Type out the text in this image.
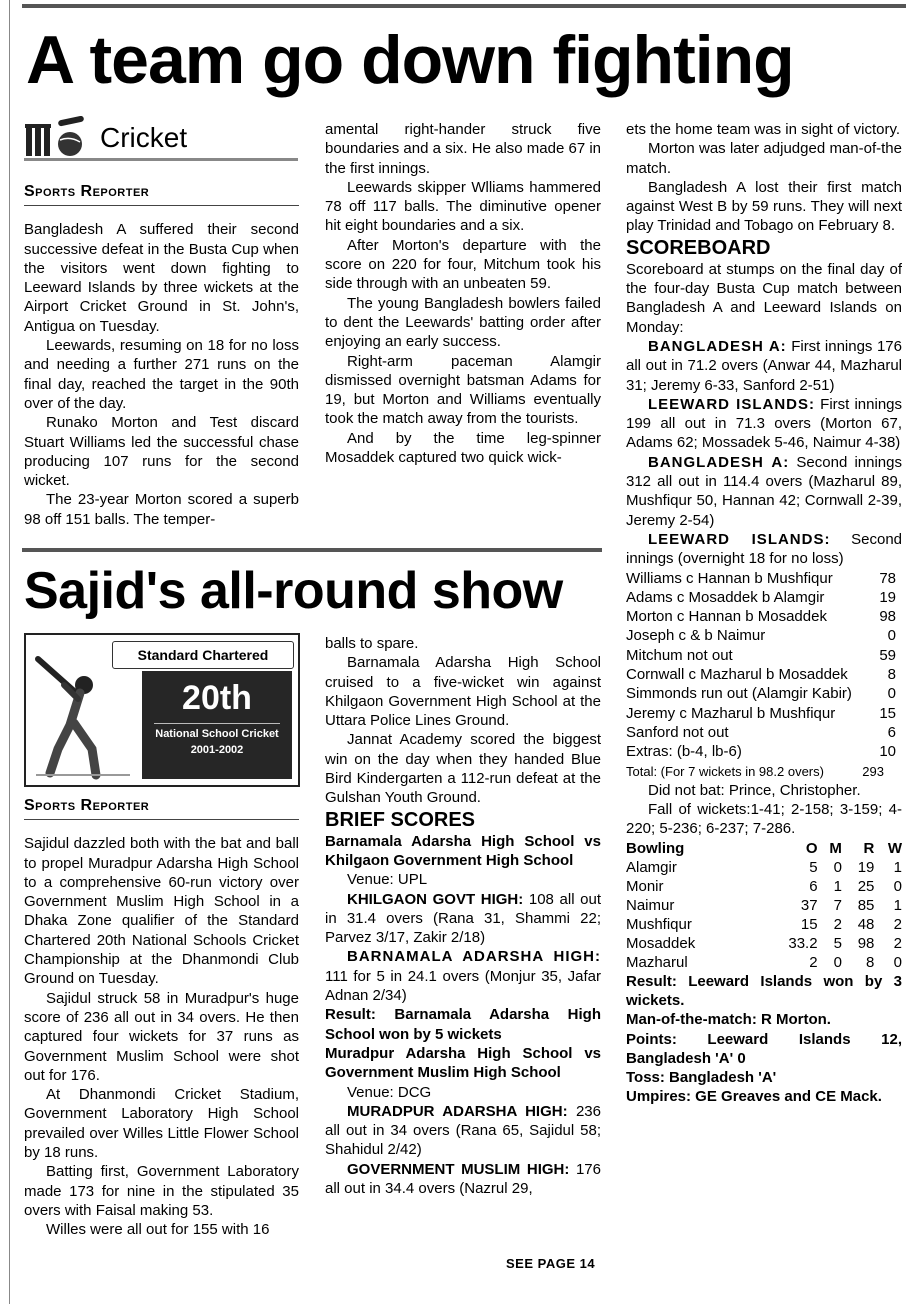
A team go down fighting
Cricket
Sports Reporter

Bangladesh A suffered their second successive defeat in the Busta Cup when the visitors went down fighting to Leeward Islands by three wickets at the Airport Cricket Ground in St. John's, Antigua on Tuesday.

Leewards, resuming on 18 for no loss and needing a further 271 runs on the final day, reached the target in the 90th over of the day.

Runako Morton and Test discard Stuart Williams led the successful chase producing 107 runs for the second wicket.

The 23-year Morton scored a superb 98 off 151 balls. The temper-

amental right-hander struck five boundaries and a six. He also made 67 in the first innings.

Leewards skipper Wlliams hammered 78 off 117 balls. The diminutive opener hit eight boundaries and a six.

After Morton's departure with the score on 220 for four, Mitchum took his side through with an unbeaten 59.

The young Bangladesh bowlers failed to dent the Leewards' batting order after enjoying an early success.

Right-arm paceman Alamgir dismissed overnight batsman Adams for 19, but Morton and Williams eventually took the match away from the tourists.

And by the time leg-spinner Mosaddek captured two quick wick-

ets the home team was in sight of victory.

Morton was later adjudged man-of-the match.

Bangladesh A lost their first match against West B by 59 runs. They will next play Trinidad and Tobago on February 8.

SCOREBOARD

Scoreboard at stumps on the final day of the four-day Busta Cup match between Bangladesh A and Leeward Islands on Monday:

BANGLADESH A: First innings 176 all out in 71.2 overs (Anwar 44, Mazharul 31; Jeremy 6-33, Sanford 2-51)

LEEWARD ISLANDS: First innings 199 all out in 71.3 overs (Morton 67, Adams 62; Mossadek 5-46, Naimur 4-38)

BANGLADESH A: Second innings 312 all out in 114.4 overs (Mazharul 89, Mushfiqur 50, Hannan 42; Cornwall 2-39, Jeremy 2-54)

LEEWARD ISLANDS: Second innings (overnight 18 for no loss)

Williams c Hannan b Mushfiqur	78
Adams c Mosaddek b Alamgir	19
Morton c Hannan b Mosaddek	98
Joseph c & b Naimur	0
Mitchum not out	59
Cornwall c Mazharul b Mosaddek	8
Simmonds run out (Alamgir Kabir) 0
Jeremy c Mazharul b Mushfiqur	15
Sanford not out	6
Extras: (b-4, lb-6)	10
Total: (For 7 wickets in 98.2 overs)	293

Did not bat: Prince, Christopher.

Fall of wickets:1-41; 2-158; 3-159; 4-220; 5-236; 6-237; 7-286.

Bowling	O	M	R	W
Alamgir	5	0	19	1
Monir	6	1	25	0
Naimur	37	7	85	1
Mushfiqur	15	2	48	2
Mosaddek	33.2	5	98	2
Mazharul	2	0	8	0

Result: Leeward Islands won by 3 wickets.

Man-of-the-match: R Morton.

Points: Leeward Islands 12, Bangladesh 'A' 0

Toss: Bangladesh 'A'

Umpires: GE Greaves and CE Mack.

Sajid's all-round show
Standard Chartered
20th
National School Cricket
2001-2002
Sports Reporter

Sajidul dazzled both with the bat and ball to propel Muradpur Adarsha High School to a comprehensive 60-run victory over Government Muslim High School in a Dhaka Zone qualifier of the Standard Chartered 20th National Schools Cricket Championship at the Dhanmondi Club Ground on Tuesday.

Sajidul struck 58 in Muradpur's huge score of 236 all out in 34 overs. He then captured four wickets for 37 runs as Government Muslim School were shot out for 176.

At Dhanmondi Cricket Stadium, Government Laboratory High School prevailed over Willes Little Flower School by 18 runs.

Batting first, Government Laboratory made 173 for nine in the stipulated 35 overs with Faisal making 53.

Willes were all out for 155 with 16

balls to spare.

Barnamala Adarsha High School cruised to a five-wicket win against Khilgaon Government High School at the Uttara Police Lines Ground.

Jannat Academy scored the biggest win on the day when they handed Blue Bird Kindergarten a 112-run defeat at the Gulshan Youth Ground.

BRIEF SCORES

Barnamala Adarsha High School vs Khilgaon Government High School

Venue: UPL

KHILGAON GOVT HIGH: 108 all out in 31.4 overs (Rana 31, Shammi 22; Parvez 3/17, Zakir 2/18)

BARNAMALA ADARSHA HIGH: 111 for 5 in 24.1 overs (Monjur 35, Jafar Adnan 2/34)

Result: Barnamala Adarsha High School won by 5 wickets

Muradpur Adarsha High School vs Government Muslim High School

Venue: DCG

MURADPUR ADARSHA HIGH: 236 all out in 34 overs (Rana 65, Sajidul 58; Shahidul 2/42)

GOVERNMENT MUSLIM HIGH: 176 all out in 34.4 overs (Nazrul 29,

SEE PAGE 14
